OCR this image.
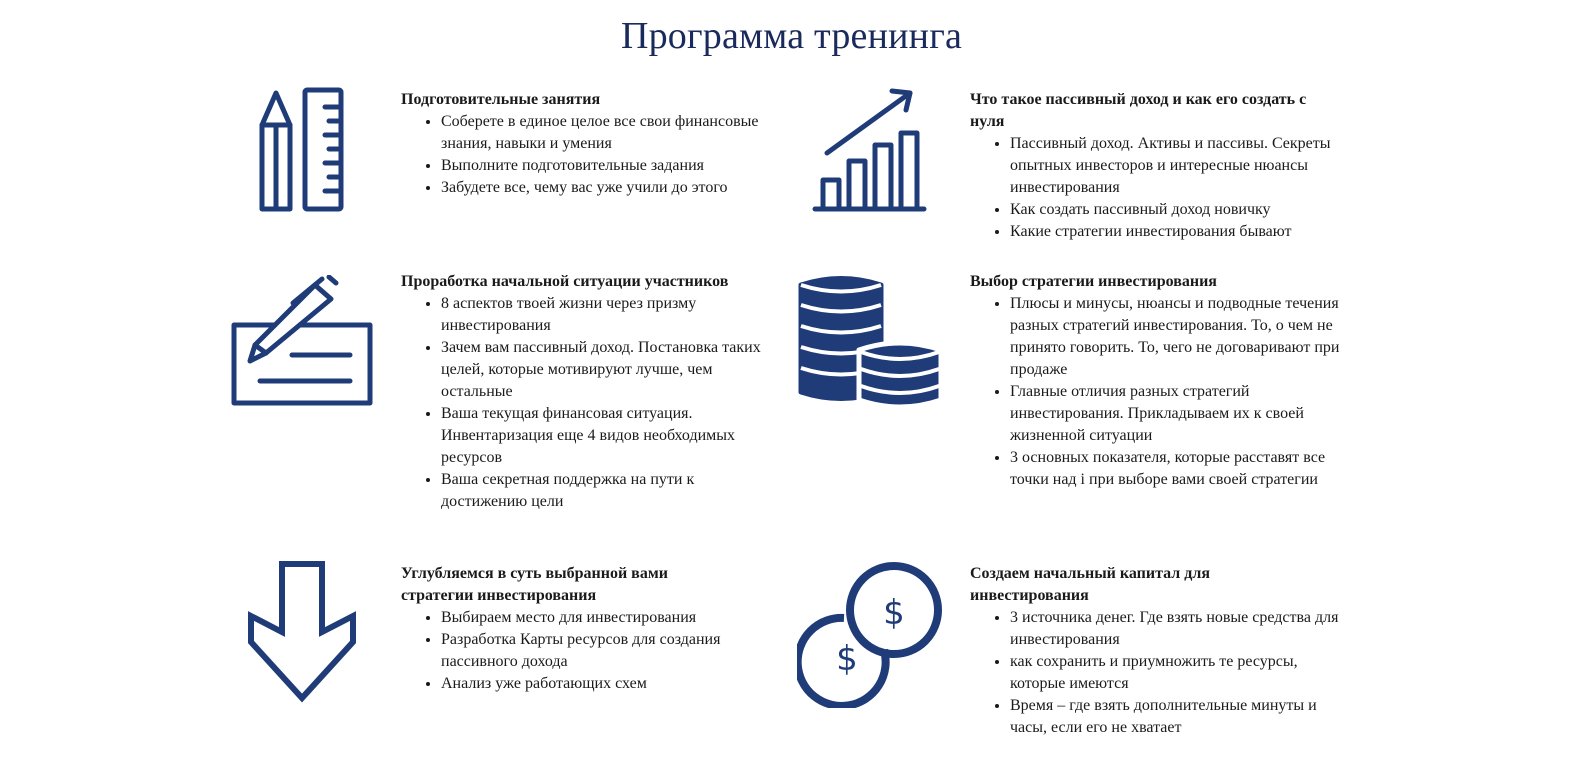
Программа тренинга
$
$
Подготовительные занятия
• Соберете в единое целое все свои финансовые знания, навыки и умения
• Выполните подготовительные задания
• Забудете все, чему вас уже учили до этого
Что такое пассивный доход и как его создать с нуля
• Пассивный доход. Активы и пассивы. Секреты опытных инвесторов и интересные нюансы инвестирования
• Как создать пассивный доход новичку
• Какие стратегии инвестирования бывают
Проработка начальной ситуации участников
• 8 аспектов твоей жизни через призму инвестирования
• Зачем вам пассивный доход. Постановка таких целей, которые мотивируют лучше, чем остальные
• Ваша текущая финансовая ситуация. Инвентаризация еще 4 видов необходимых ресурсов
• Ваша секретная поддержка на пути к достижению цели
Выбор стратегии инвестирования
• Плюсы и минусы, нюансы и подводные течения разных стратегий инвестирования. То, о чем не принято говорить. То, чего не договаривают при продаже
• Главные отличия разных стратегий инвестирования. Прикладываем их к своей жизненной ситуации
• 3 основных показателя, которые расставят все точки над i при выборе вами своей стратегии
Углубляемся в суть выбранной вами стратегии инвестирования
• Выбираем место для инвестирования
• Разработка Карты ресурсов для создания пассивного дохода
• Анализ уже работающих схем
Создаем начальный капитал для инвестирования
• 3 источника денег. Где взять новые средства для инвестирования
• как сохранить и приумножить те ресурсы, которые имеются
• Время – где взять дополнительные минуты и часы, если его не хватает
